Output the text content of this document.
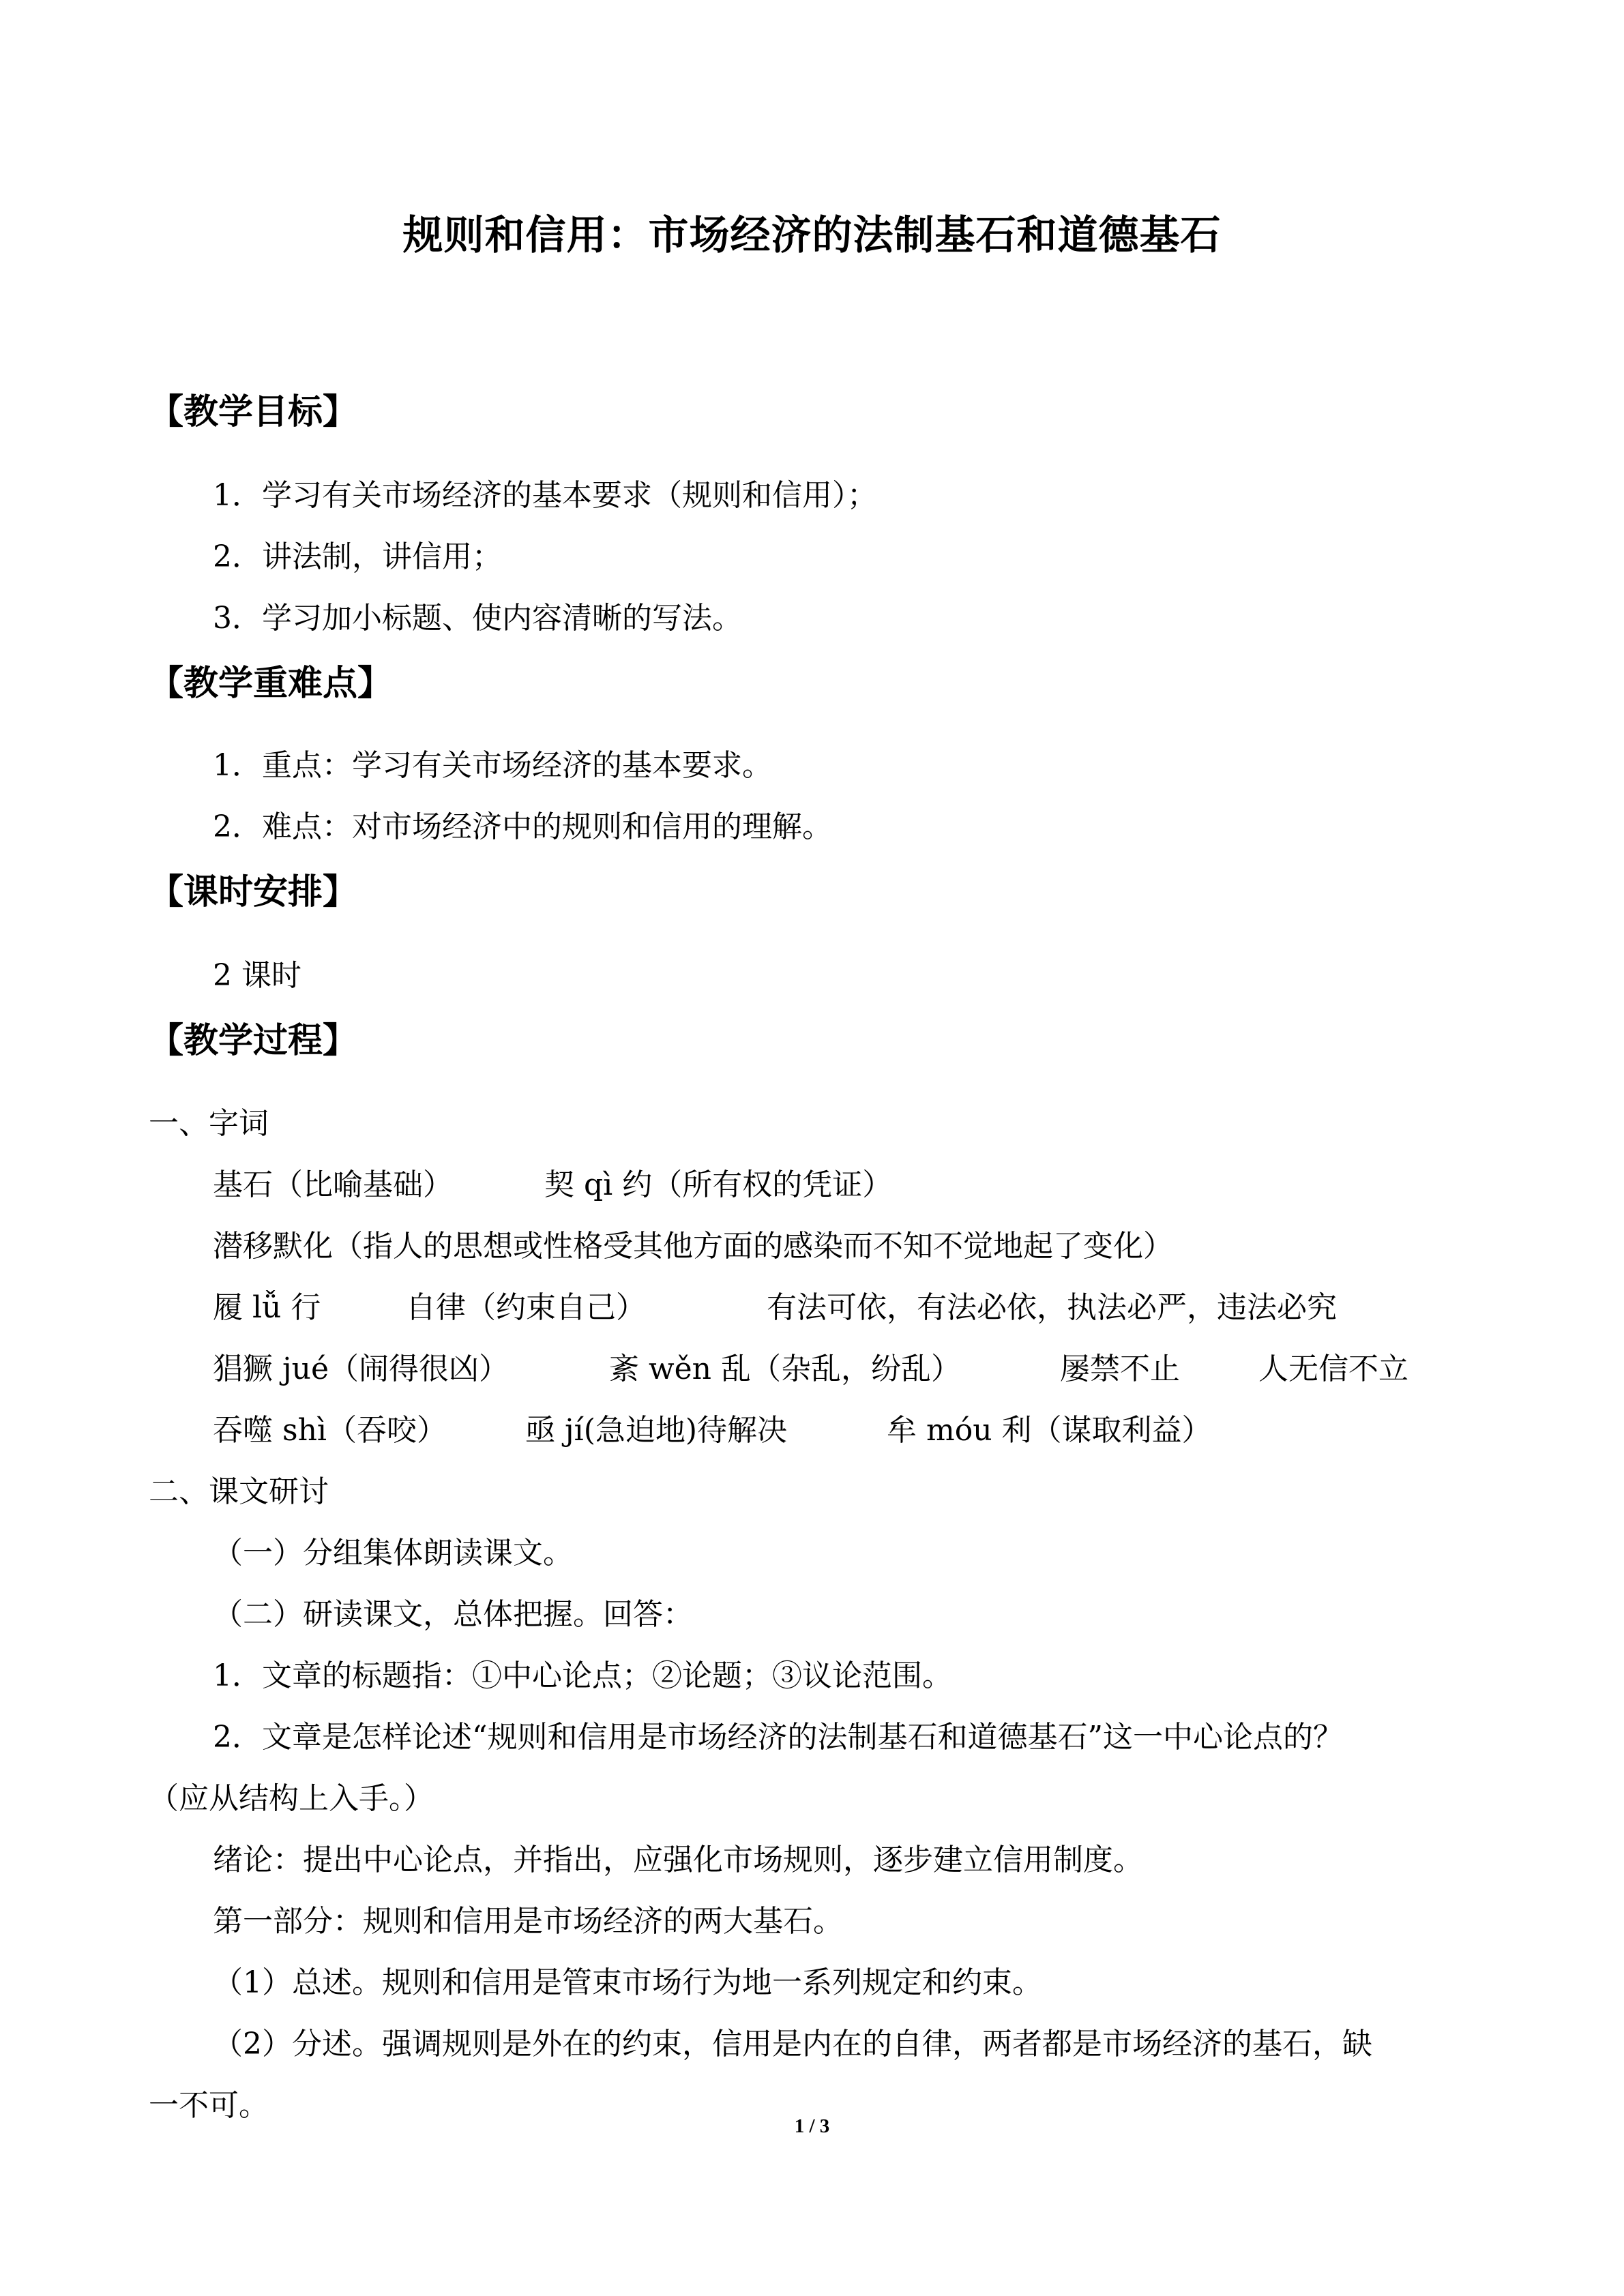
规则和信用：市场经济的法制基石和道德基石
【教学目标】
1．学习有关市场经济的基本要求（规则和信用）；
2．讲法制，讲信用；
3．学习加小标题、使内容清晰的写法。
【教学重难点】
1．重点：学习有关市场经济的基本要求。
2．难点：对市场经济中的规则和信用的理解。
【课时安排】
2 课时
【教学过程】
一、字词
基石（比喻基础）	契 qì 约（所有权的凭证）
潜移默化（指人的思想或性格受其他方面的感染而不知不觉地起了变化）
履 lǚ 行	自律（约束自己）	有法可依，有法必依，执法必严，违法必究
猖獗 jué（闹得很凶）	紊 wěn 乱（杂乱，纷乱）	屡禁不止	人无信不立
吞噬 shì（吞咬）	亟 jí(急迫地)待解决	牟 móu 利（谋取利益）
二、课文研讨
（一）分组集体朗读课文。
（二）研读课文，总体把握。回答：
1．文章的标题指：①中心论点；②论题；③议论范围。
2．文章是怎样论述“规则和信用是市场经济的法制基石和道德基石”这一中心论点的？
（应从结构上入手。）
绪论：提出中心论点，并指出，应强化市场规则，逐步建立信用制度。
第一部分：规则和信用是市场经济的两大基石。
（1）总述。规则和信用是管束市场行为地一系列规定和约束。
（2）分述。强调规则是外在的约束，信用是内在的自律，两者都是市场经济的基石，缺
一不可。
1 / 3
